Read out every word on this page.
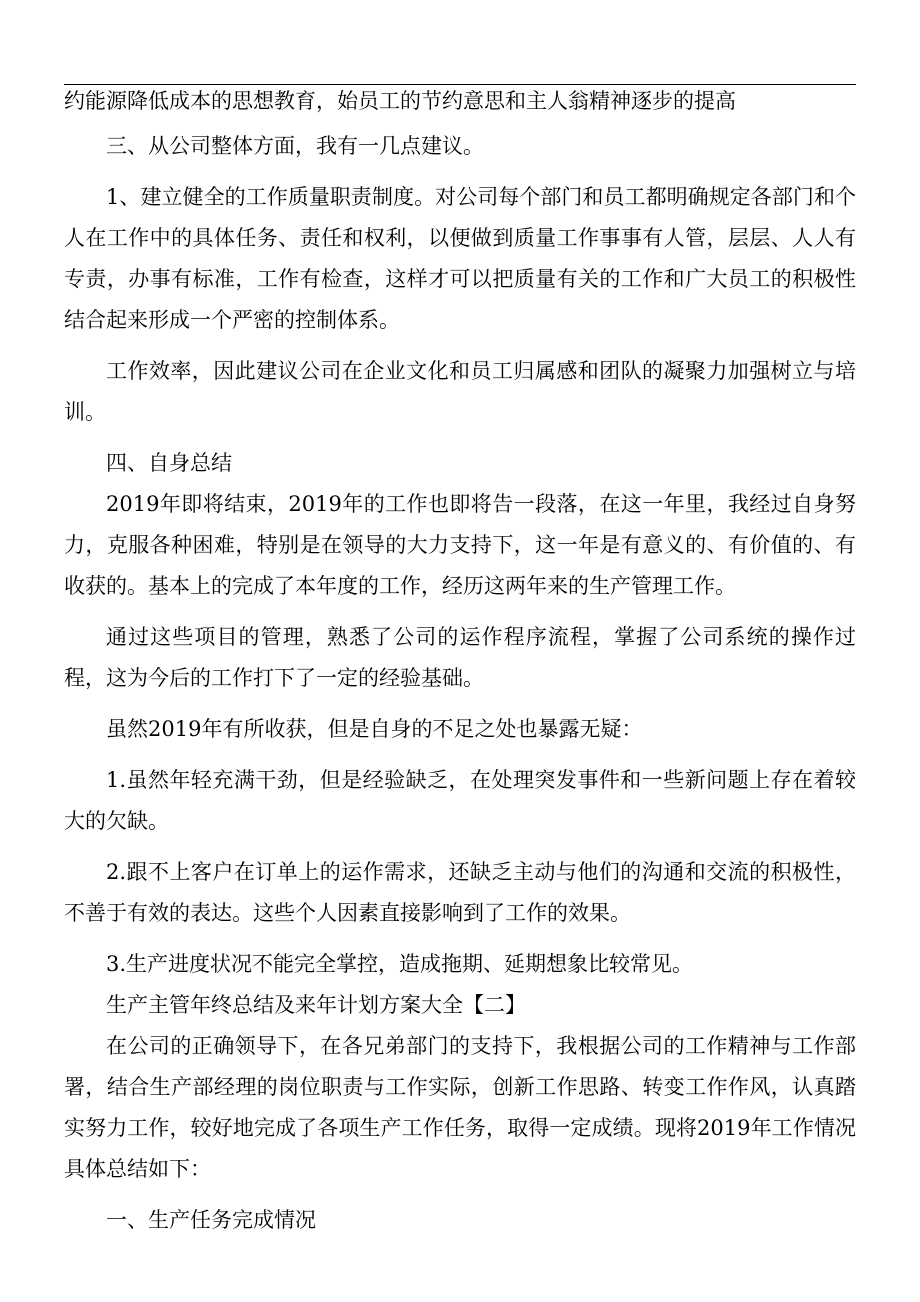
约能源降低成本的思想教育，始员工的节约意思和主人翁精神逐步的提高

三、从公司整体方面，我有一几点建议。

1、建立健全的工作质量职责制度。对公司每个部门和员工都明确规定各部门和个人在工作中的具体任务、责任和权利，以便做到质量工作事事有人管，层层、人人有专责，办事有标准，工作有检查，这样才可以把质量有关的工作和广大员工的积极性结合起来形成一个严密的控制体系。

工作效率，因此建议公司在企业文化和员工归属感和团队的凝聚力加强树立与培训。

四、自身总结

2019年即将结束，2019年的工作也即将告一段落，在这一年里，我经过自身努力，克服各种困难，特别是在领导的大力支持下，这一年是有意义的、有价值的、有收获的。基本上的完成了本年度的工作，经历这两年来的生产管理工作。

通过这些项目的管理，熟悉了公司的运作程序流程，掌握了公司系统的操作过程，这为今后的工作打下了一定的经验基础。

虽然2019年有所收获，但是自身的不足之处也暴露无疑：

1.虽然年轻充满干劲，但是经验缺乏，在处理突发事件和一些新问题上存在着较大的欠缺。

2.跟不上客户在订单上的运作需求，还缺乏主动与他们的沟通和交流的积极性，不善于有效的表达。这些个人因素直接影响到了工作的效果。

3.生产进度状况不能完全掌控，造成拖期、延期想象比较常见。

生产主管年终总结及来年计划方案大全【二】

在公司的正确领导下，在各兄弟部门的支持下，我根据公司的工作精神与工作部署，结合生产部经理的岗位职责与工作实际，创新工作思路、转变工作作风，认真踏实努力工作，较好地完成了各项生产工作任务，取得一定成绩。现将2019年工作情况具体总结如下：

一、生产任务完成情况
